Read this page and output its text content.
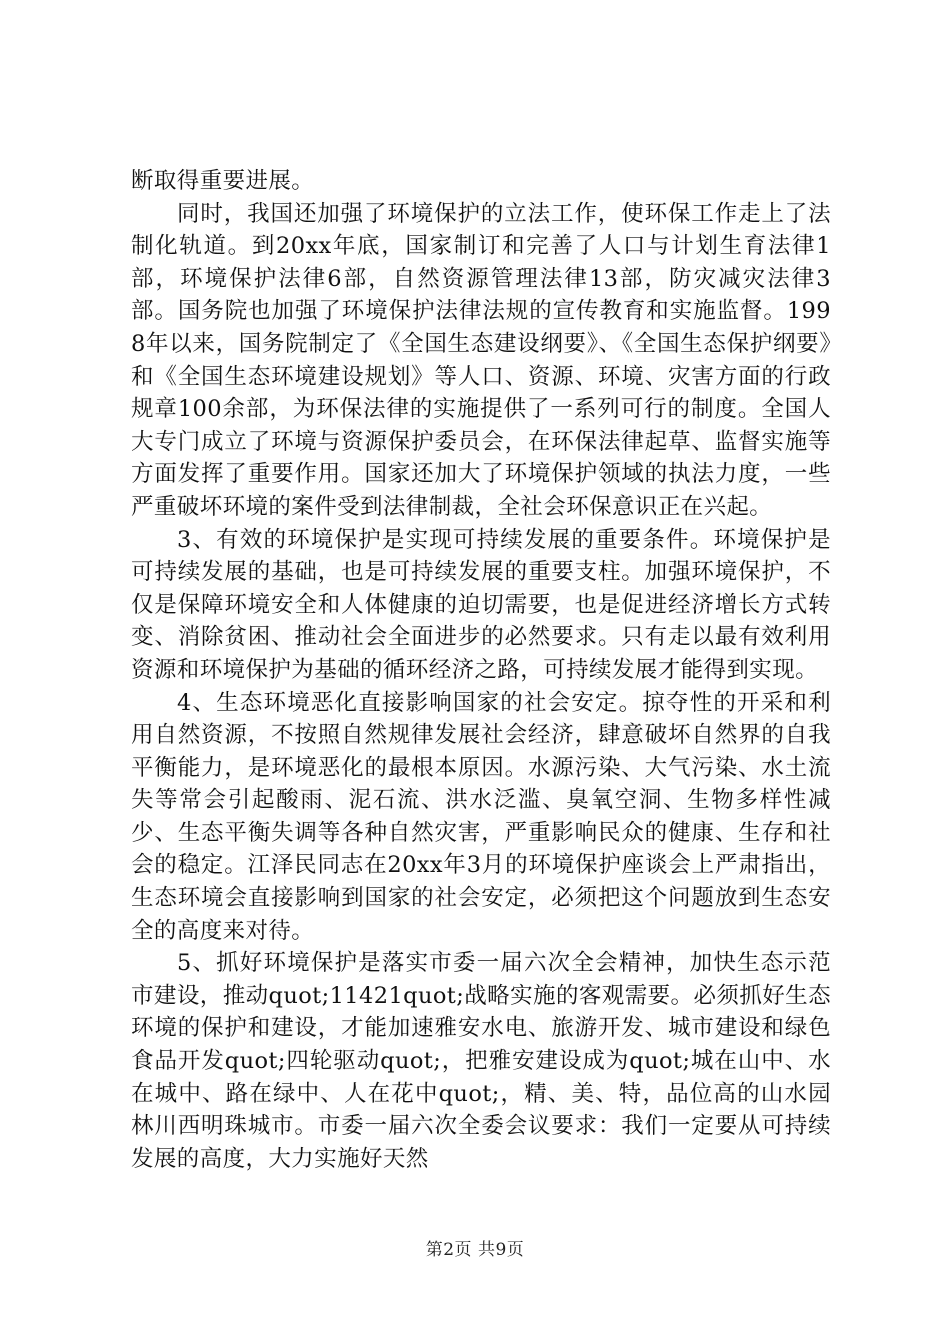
断取得重要进展。

同时，我国还加强了环境保护的立法工作，使环保工作走上了法制化轨道。到20xx年底，国家制订和完善了人口与计划生育法律1部，环境保护法律6部，自然资源管理法律13部，防灾减灾法律3部。国务院也加强了环境保护法律法规的宣传教育和实施监督。1998年以来，国务院制定了《全国生态建设纲要》、《全国生态保护纲要》和《全国生态环境建设规划》等人口、资源、环境、灾害方面的行政规章100余部，为环保法律的实施提供了一系列可行的制度。全国人大专门成立了环境与资源保护委员会，在环保法律起草、监督实施等方面发挥了重要作用。国家还加大了环境保护领域的执法力度，一些严重破坏环境的案件受到法律制裁，全社会环保意识正在兴起。

3、有效的环境保护是实现可持续发展的重要条件。环境保护是可持续发展的基础，也是可持续发展的重要支柱。加强环境保护，不仅是保障环境安全和人体健康的迫切需要，也是促进经济增长方式转变、消除贫困、推动社会全面进步的必然要求。只有走以最有效利用资源和环境保护为基础的循环经济之路，可持续发展才能得到实现。

4、生态环境恶化直接影响国家的社会安定。掠夺性的开采和利用自然资源，不按照自然规律发展社会经济，肆意破坏自然界的自我平衡能力，是环境恶化的最根本原因。水源污染、大气污染、水土流失等常会引起酸雨、泥石流、洪水泛滥、臭氧空洞、生物多样性减少、生态平衡失调等各种自然灾害，严重影响民众的健康、生存和社会的稳定。江泽民同志在20xx年3月的环境保护座谈会上严肃指出，生态环境会直接影响到国家的社会安定，必须把这个问题放到生态安全的高度来对待。

5、抓好环境保护是落实市委一届六次全会精神，加快生态示范市建设，推动quot;11421quot;战略实施的客观需要。必须抓好生态环境的保护和建设，才能加速雅安水电、旅游开发、城市建设和绿色食品开发quot;四轮驱动quot;，把雅安建设成为quot;城在山中、水在城中、路在绿中、人在花中quot;，精、美、特，品位高的山水园林川西明珠城市。市委一届六次全委会议要求：我们一定要从可持续发展的高度，大力实施好天然

第2页 共9页
